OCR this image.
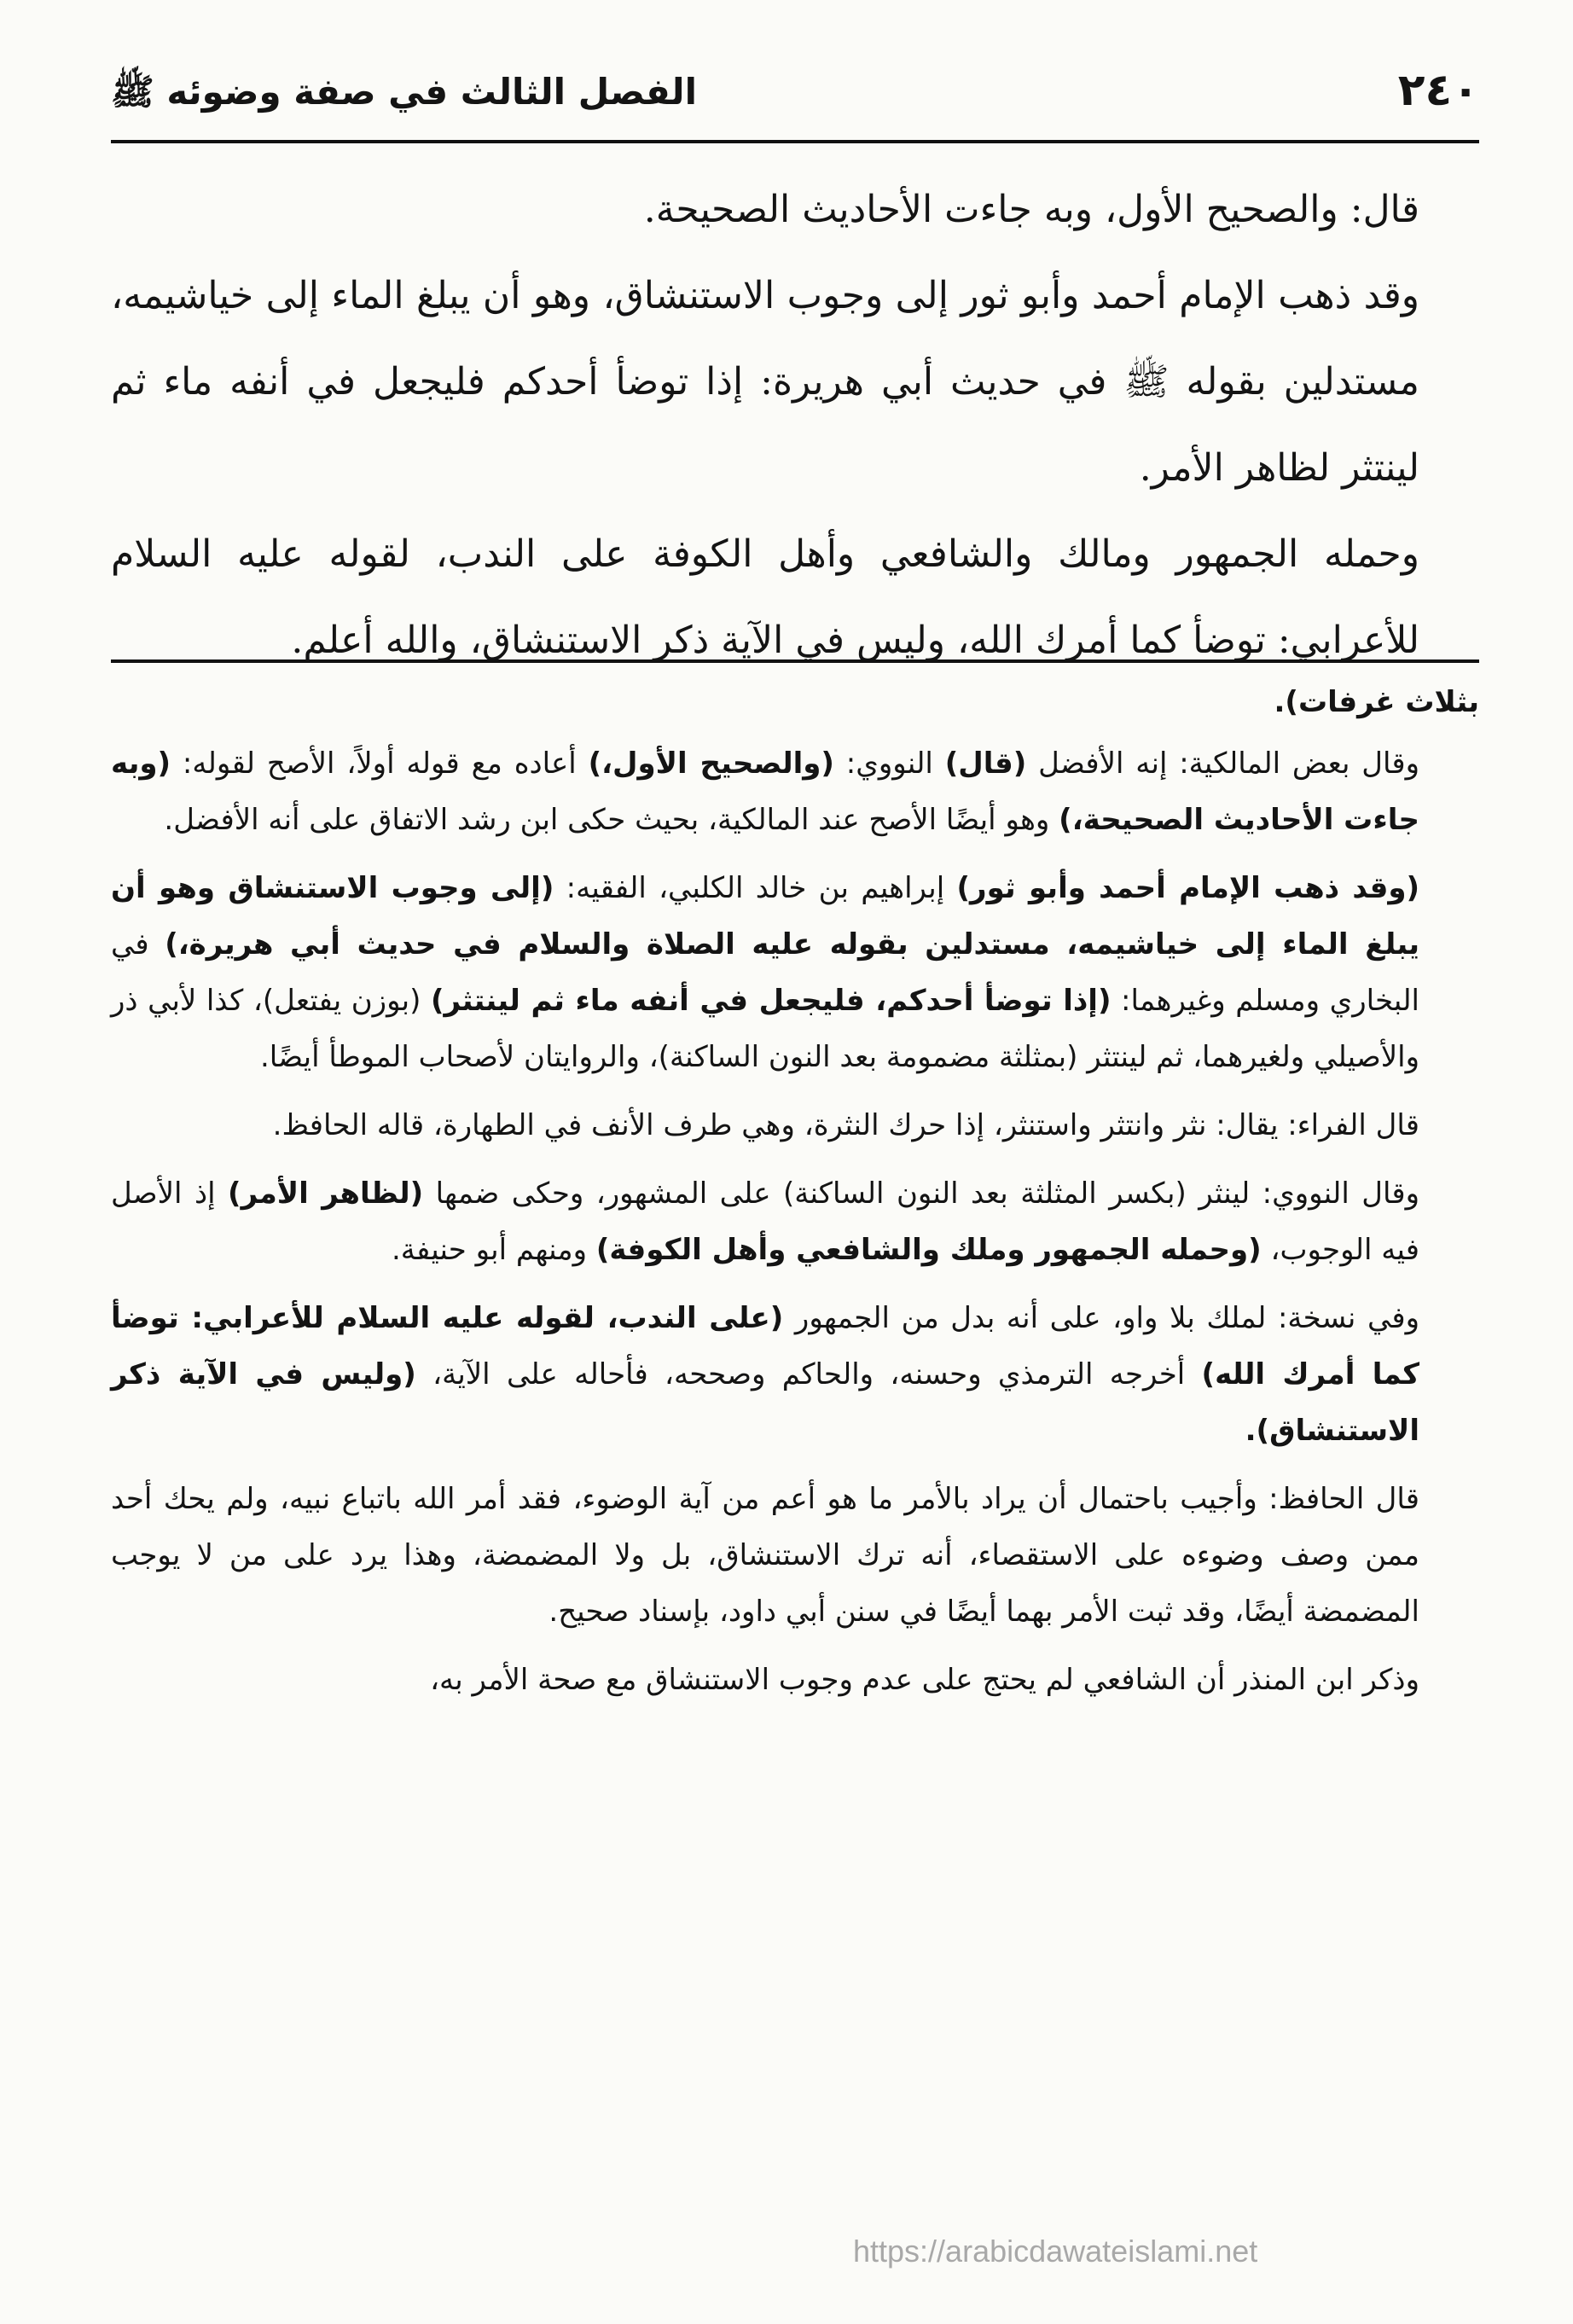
٢٤٠
الفصل الثالث في صفة وضوئه ﷺ

قال: والصحيح الأول، وبه جاءت الأحاديث الصحيحة.

وقد ذهب الإمام أحمد وأبو ثور إلى وجوب الاستنشاق، وهو أن يبلغ الماء إلى خياشيمه، مستدلين بقوله ﷺ في حديث أبي هريرة: إذا توضأ أحدكم فليجعل في أنفه ماء ثم لينتثر لظاهر الأمر.

وحمله الجمهور ومالك والشافعي وأهل الكوفة على الندب، لقوله عليه السلام للأعرابي: توضأ كما أمرك الله، وليس في الآية ذكر الاستنشاق، والله أعلم.

بثلاث غرفات).

وقال بعض المالكية: إنه الأفضل (قال) النووي: (والصحيح الأول،) أعاده مع قوله أولاً، الأصح لقوله: (وبه جاءت الأحاديث الصحيحة،) وهو أيضًا الأصح عند المالكية، بحيث حكى ابن رشد الاتفاق على أنه الأفضل.

(وقد ذهب الإمام أحمد وأبو ثور) إبراهيم بن خالد الكلبي، الفقيه: (إلى وجوب الاستنشاق وهو أن يبلغ الماء إلى خياشيمه، مستدلين بقوله عليه الصلاة والسلام في حديث أبي هريرة،) في البخاري ومسلم وغيرهما: (إذا توضأ أحدكم، فليجعل في أنفه ماء ثم لينتثر) (بوزن يفتعل)، كذا لأبي ذر والأصيلي ولغيرهما، ثم لينتثر (بمثلثة مضمومة بعد النون الساكنة)، والروايتان لأصحاب الموطأ أيضًا.

قال الفراء: يقال: نثر وانتثر واستنثر، إذا حرك النثرة، وهي طرف الأنف في الطهارة، قاله الحافظ.

وقال النووي: لينثر (بكسر المثلثة بعد النون الساكنة) على المشهور، وحكى ضمها (لظاهر الأمر) إذ الأصل فيه الوجوب، (وحمله الجمهور وملك والشافعي وأهل الكوفة) ومنهم أبو حنيفة.

وفي نسخة: لملك بلا واو، على أنه بدل من الجمهور (على الندب، لقوله عليه السلام للأعرابي: توضأ كما أمرك الله) أخرجه الترمذي وحسنه، والحاكم وصححه، فأحاله على الآية، (وليس في الآية ذكر الاستنشاق).

قال الحافظ: وأجيب باحتمال أن يراد بالأمر ما هو أعم من آية الوضوء، فقد أمر الله باتباع نبيه، ولم يحك أحد ممن وصف وضوءه على الاستقصاء، أنه ترك الاستنشاق، بل ولا المضمضة، وهذا يرد على من لا يوجب المضمضة أيضًا، وقد ثبت الأمر بهما أيضًا في سنن أبي داود، بإسناد صحيح.

وذكر ابن المنذر أن الشافعي لم يحتج على عدم وجوب الاستنشاق مع صحة الأمر به،

https://arabicdawateislami.net
